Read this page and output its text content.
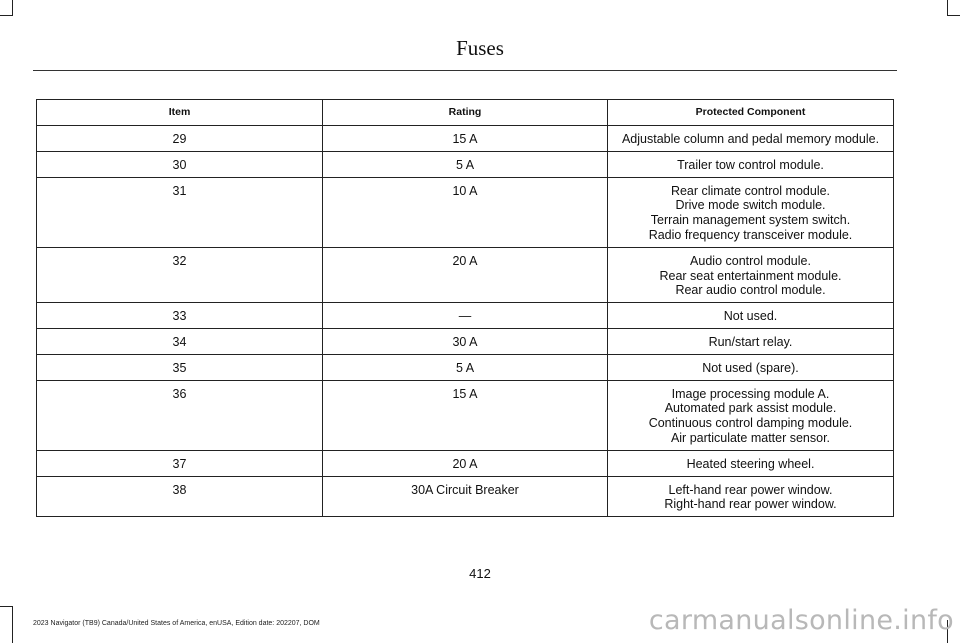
Fuses
Item	Rating	Protected Component
29	15 A	Adjustable column and pedal memory module.

30	5 A	Trailer tow control module.

31	10 A	Rear climate control module.
Drive mode switch module.
Terrain management system switch.
Radio frequency transceiver module.

32	20 A	Audio control module.
Rear seat entertainment module.
Rear audio control module.

33	—	Not used.

34	30 A	Run/start relay.

35	5 A	Not used (spare).

36	15 A	Image processing module A.
Automated park assist module.
Continuous control damping module.
Air particulate matter sensor.

37	20 A	Heated steering wheel.

38	30A Circuit Breaker	Left-hand rear power window.
Right-hand rear power window.
412
2023 Navigator (TB9) Canada/United States of America, enUSA, Edition date: 202207, DOM	carmanualsonline.info
